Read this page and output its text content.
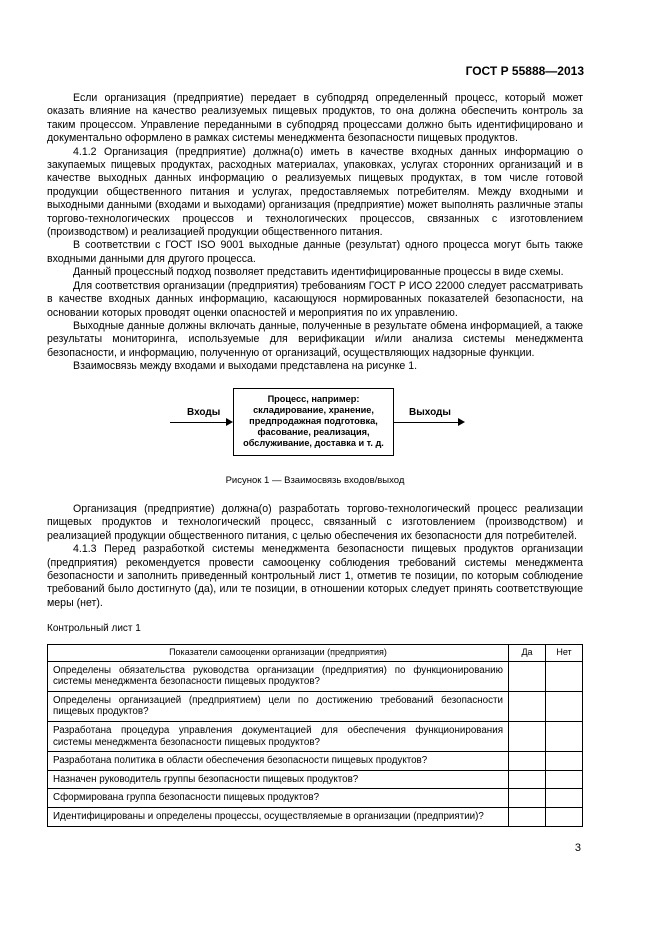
ГОСТ Р 55888—2013

Если организация (предприятие) передает в субподряд определенный процесс, который может оказать влияние на качество реализуемых пищевых продуктов, то она должна обеспечить контроль за таким процессом. Управление переданными в субподряд процессами должно быть идентифицировано и документально оформлено в рамках системы менеджмента безопасности пищевых продуктов.

4.1.2 Организация (предприятие) должна(о) иметь в качестве входных данных информацию о закупаемых пищевых продуктах, расходных материалах, упаковках, услугах сторонних организаций и в качестве выходных данных информацию о реализуемых пищевых продуктах, в том числе готовой продукции общественного питания и услугах, предоставляемых потребителям. Между входными и выходными данными (входами и выходами) организация (предприятие) может выполнять различные этапы торгово-технологических процессов и технологических процессов, связанных с изготовлением (производством) и реализацией продукции общественного питания.

В соответствии с ГОСТ ISO 9001 выходные данные (результат) одного процесса могут быть также входными данными для другого процесса.

Данный процессный подход позволяет представить идентифицированные процессы в виде схемы.

Для соответствия организации (предприятия) требованиям ГОСТ Р ИСО 22000 следует рассматривать в качестве входных данных информацию, касающуюся нормированных показателей безопасности, на основании которых проводят оценки опасностей и мероприятия по их управлению.

Выходные данные должны включать данные, полученные в результате обмена информацией, а также результаты мониторинга, используемые для верификации и/или анализа системы менеджмента безопасности, и информацию, полученную от организаций, осуществляющих надзорные функции.

Взаимосвязь между входами и выходами представлена на рисунке 1.

Входы
Процесс, например: складирование, хранение, предпродажная подготовка, фасование, реализация, обслуживание, доставка и т. д.
Выходы
Рисунок 1 — Взаимосвязь входов/выход

Организация (предприятие) должна(о) разработать торгово-технологический процесс реализации пищевых продуктов и технологический процесс, связанный с изготовлением (производством) и реализацией продукции общественного питания, с целью обеспечения их безопасности для потребителей.

4.1.3 Перед разработкой системы менеджмента безопасности пищевых продуктов организации (предприятия) рекомендуется провести самооценку соблюдения требований системы менеджмента безопасности и заполнить приведенный контрольный лист 1, отметив те позиции, по которым соблюдение требований было достигнуто (да), или те позиции, в отношении которых следует принять соответствующие меры (нет).

Контрольный лист 1
Показатели самооценки организации (предприятия)	Да	Нет
Определены обязательства руководства организации (предприятия) по функционированию системы менеджмента безопасности пищевых продуктов?		
Определены организацией (предприятием) цели по достижению требований безопасности пищевых продуктов?		
Разработана процедура управления документацией для обеспечения функционирования системы менеджмента безопасности пищевых продуктов?		
Разработана политика в области обеспечения безопасности пищевых продуктов?		
Назначен руководитель группы безопасности пищевых продуктов?		
Сформирована группа безопасности пищевых продуктов?		
Идентифицированы и определены процессы, осуществляемые в организации (предприятии)?		
3
